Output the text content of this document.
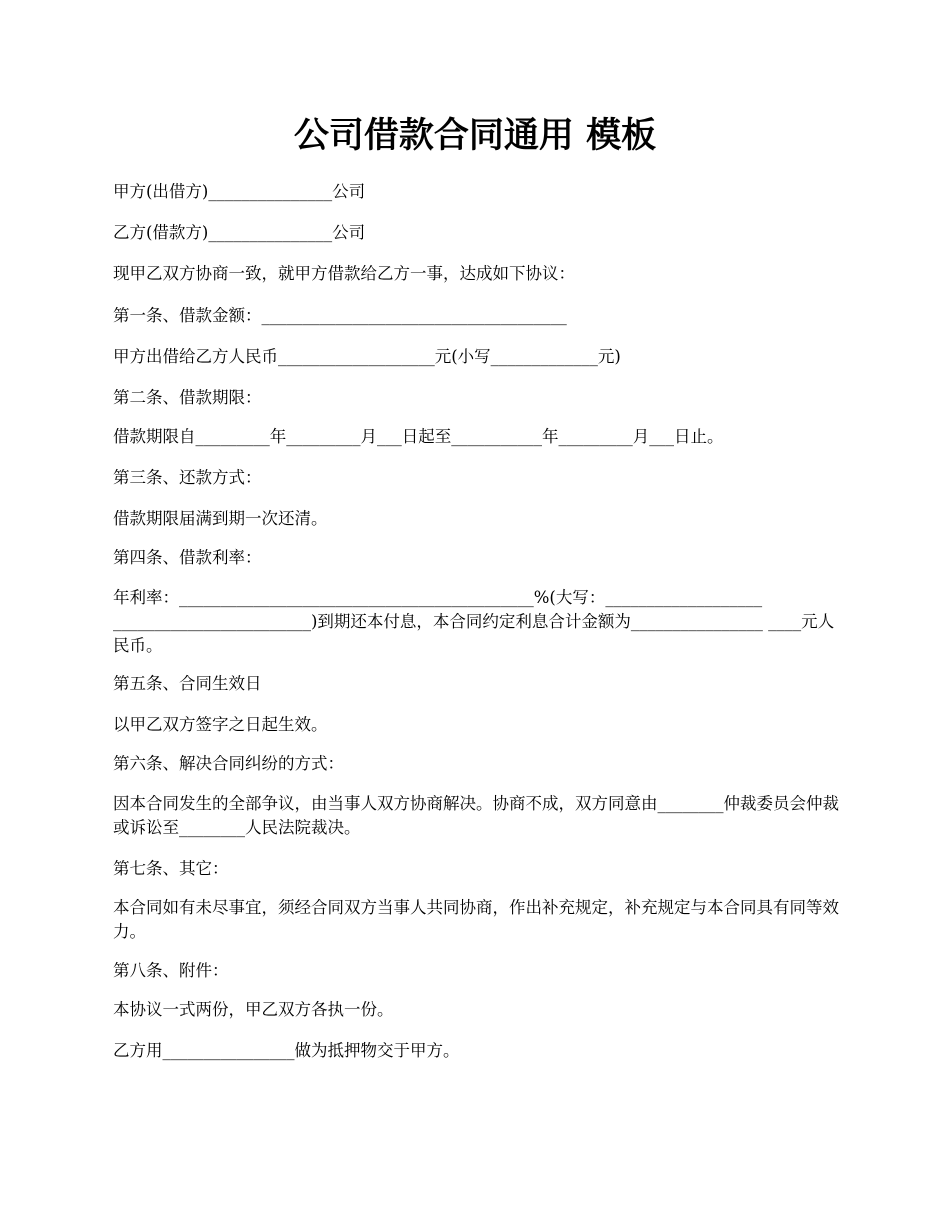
公司借款合同通用 模板

甲方(出借方)_______________公司

乙方(借款方)_______________公司

现甲乙双方协商一致，就甲方借款给乙方一事，达成如下协议：

第一条、借款金额：_____________________________________

甲方出借给乙方人民币___________________元(小写_____________元)

第二条、借款期限：

借款期限自_________年_________月___日起至___________年_________月___日止。

第三条、还款方式：

借款期限届满到期一次还清。

第四条、借款利率：

年利率：___________________________________________%(大写：___________________ ________________________)到期还本付息，本合同约定利息合计金额为________________ ____元人民币。

第五条、合同生效日

以甲乙双方签字之日起生效。

第六条、解决合同纠纷的方式：

因本合同发生的全部争议，由当事人双方协商解决。协商不成，双方同意由________仲裁委员会仲裁或诉讼至________人民法院裁决。

第七条、其它：

本合同如有未尽事宜，须经合同双方当事人共同协商，作出补充规定，补充规定与本合同具有同等效力。

第八条、附件：

本协议一式两份，甲乙双方各执一份。

乙方用________________做为抵押物交于甲方。
